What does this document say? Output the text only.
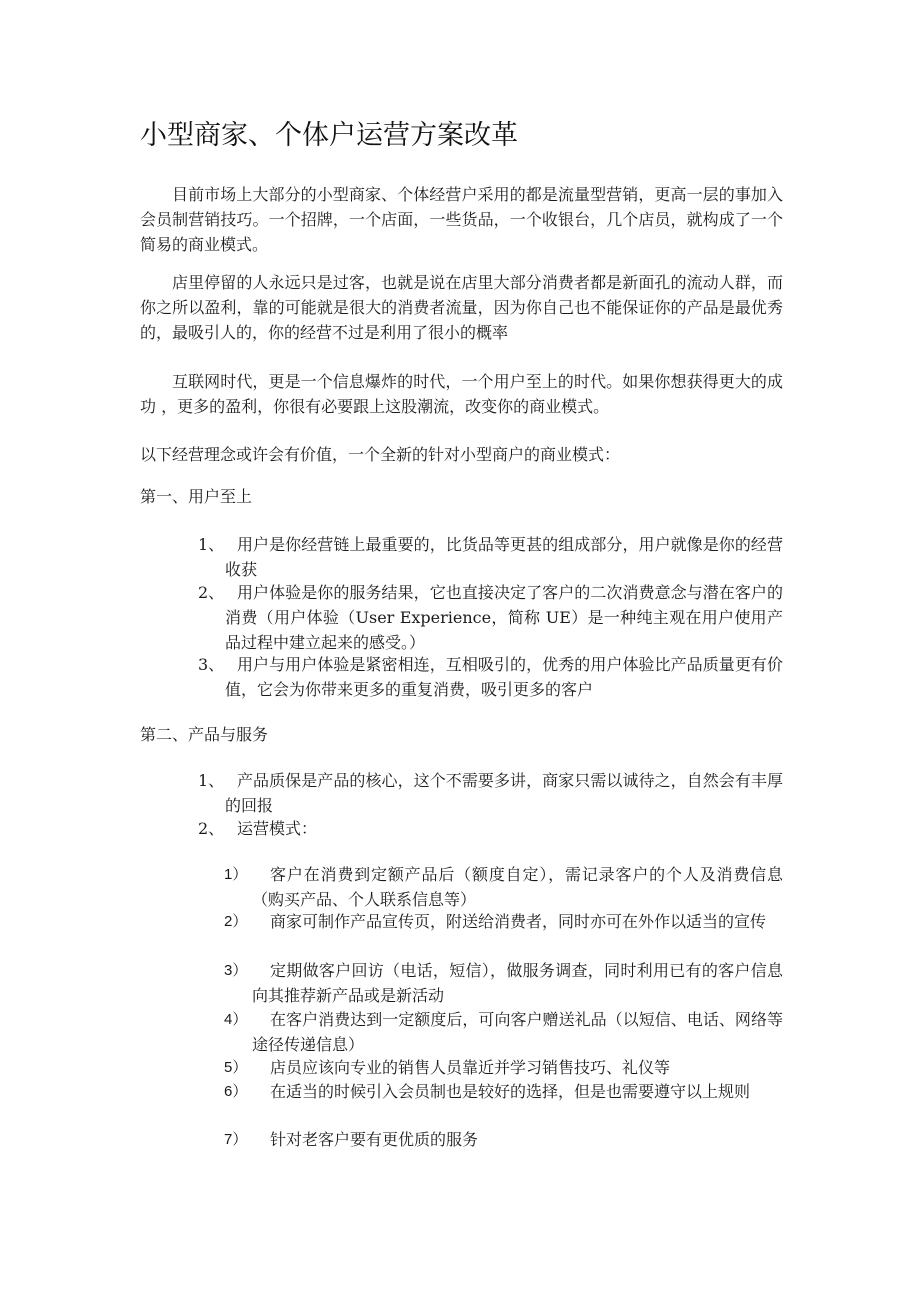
小型商家、个体户运营方案改革

目前市场上大部分的小型商家、个体经营户采用的都是流量型营销，更高一层的事加入会员制营销技巧。一个招牌，一个店面，一些货品，一个收银台，几个店员，就构成了一个简易的商业模式。

店里停留的人永远只是过客，也就是说在店里大部分消费者都是新面孔的流动人群，而你之所以盈利，靠的可能就是很大的消费者流量，因为你自己也不能保证你的产品是最优秀的，最吸引人的，你的经营不过是利用了很小的概率

互联网时代，更是一个信息爆炸的时代，一个用户至上的时代。如果你想获得更大的成功 ，更多的盈利，你很有必要跟上这股潮流，改变你的商业模式。

以下经营理念或许会有价值，一个全新的针对小型商户的商业模式：

第一、用户至上
1、 用户是你经营链上最重要的，比货品等更甚的组成部分，用户就像是你的经营收获
2、 用户体验是你的服务结果，它也直接决定了客户的二次消费意念与潜在客户的消费（用户体验（User Experience，简称 UE）是一种纯主观在用户使用产品过程中建立起来的感受。）
3、 用户与用户体验是紧密相连，互相吸引的，优秀的用户体验比产品质量更有价值，它会为你带来更多的重复消费，吸引更多的客户
第二、产品与服务
1、 产品质保是产品的核心，这个不需要多讲，商家只需以诚待之，自然会有丰厚的回报
2、 运营模式：
1）	客户在消费到定额产品后（额度自定），需记录客户的个人及消费信息（购买产品、个人联系信息等）
2）	商家可制作产品宣传页，附送给消费者，同时亦可在外作以适当的宣传
3）	定期做客户回访（电话，短信），做服务调查，同时利用已有的客户信息向其推荐新产品或是新活动
4）	在客户消费达到一定额度后，可向客户赠送礼品（以短信、电话、网络等途径传递信息）
5）	店员应该向专业的销售人员靠近并学习销售技巧、礼仪等
6）	在适当的时候引入会员制也是较好的选择，但是也需要遵守以上规则
7）	针对老客户要有更优质的服务
